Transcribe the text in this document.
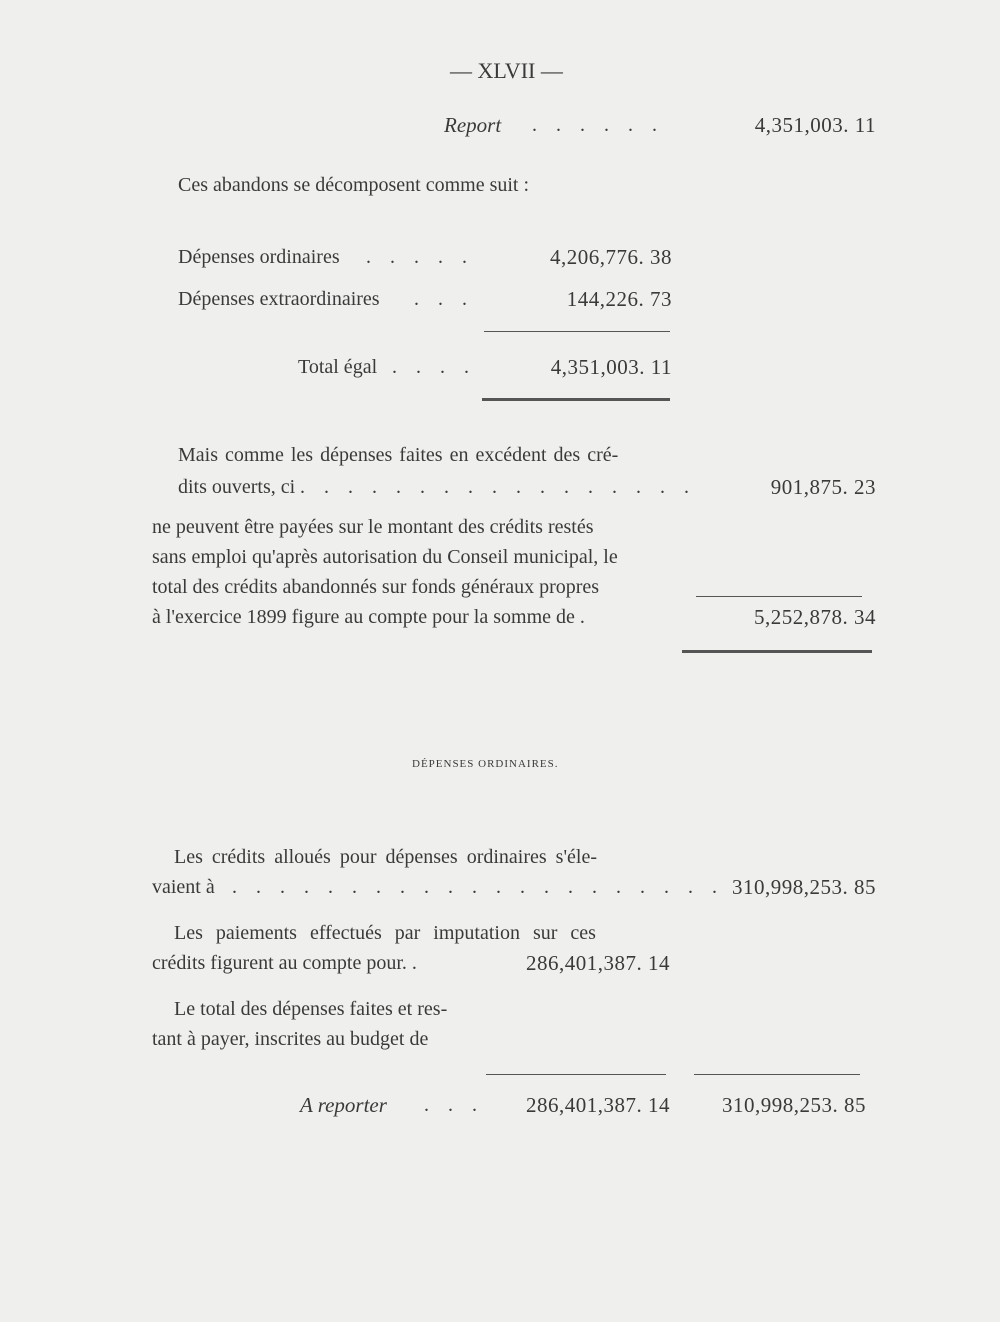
— XLVII —
Report . . . . . .	4,351,003. 11
Ces abandons se décomposent comme suit :
Dépenses ordinaires . . . . .	4,206,776. 38
Dépenses extraordinaires . . .	144,226. 73
Total égal . . . .	4,351,003. 11
Mais comme les dépenses faites en excédent des cré-
dits ouverts, ci . . . . . . . . . . . . . . . . .	901,875. 23
ne peuvent être payées sur le montant des crédits restés
sans emploi qu'après autorisation du Conseil municipal, le
total des crédits abandonnés sur fonds généraux propres
à l'exercice 1899 figure au compte pour la somme de .	5,252,878. 34
DÉPENSES ORDINAIRES.
Les crédits alloués pour dépenses ordinaires s'éle-
vaient à . . . . . . . . . . . . . . . . . . . . . 310,998,253. 85
Les paiements effectués par imputation sur ces
crédits figurent au compte pour. .	286,401,387. 14
Le total des dépenses faites et res-
tant à payer, inscrites au budget de
A reporter . . .	286,401,387. 14	310,998,253. 85
